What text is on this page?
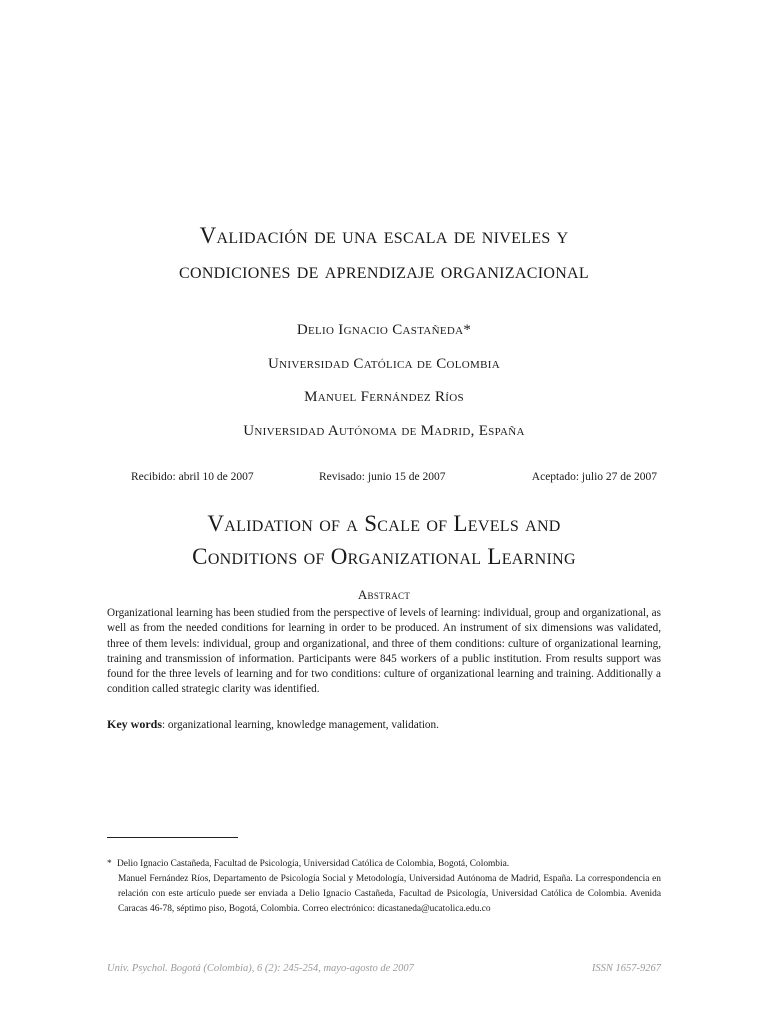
Validación de una escala de niveles y
condiciones de aprendizaje organizacional
Delio Ignacio Castañeda*
Universidad Católica de Colombia
Manuel Fernández Ríos
Universidad Autónoma de Madrid, España
Recibido: abril 10 de 2007	Revisado: junio 15 de 2007	Aceptado: julio 27 de 2007
Validation of a Scale of Levels and
Conditions of Organizational Learning
Abstract

Organizational learning has been studied from the perspective of levels of learning: individual, group and organizational, as well as from the needed conditions for learning in order to be produced. An instrument of six dimensions was validated, three of them levels: individual, group and organizational, and three of them conditions: culture of organizational learning, training and transmission of information. Participants were 845 workers of a public institution. From results support was found for the three levels of learning and for two conditions: culture of organizational learning and training. Additionally a condition called strategic clarity was identified.

Key words: organizational learning, knowledge management, validation.
* Delio Ignacio Castañeda, Facultad de Psicología, Universidad Católica de Colombia, Bogotá, Colombia.
Manuel Fernández Ríos, Departamento de Psicología Social y Metodología, Universidad Autónoma de Madrid, España. La correspondencia en relación con este artículo puede ser enviada a Delio Ignacio Castañeda, Facultad de Psicología, Universidad Católica de Colombia. Avenida Caracas 46-78, séptimo piso, Bogotá, Colombia. Correo electrónico: dicastaneda@ucatolica.edu.co
Univ. Psychol. Bogotá (Colombia), 6 (2): 245-254, mayo-agosto de 2007	ISSN 1657-9267
